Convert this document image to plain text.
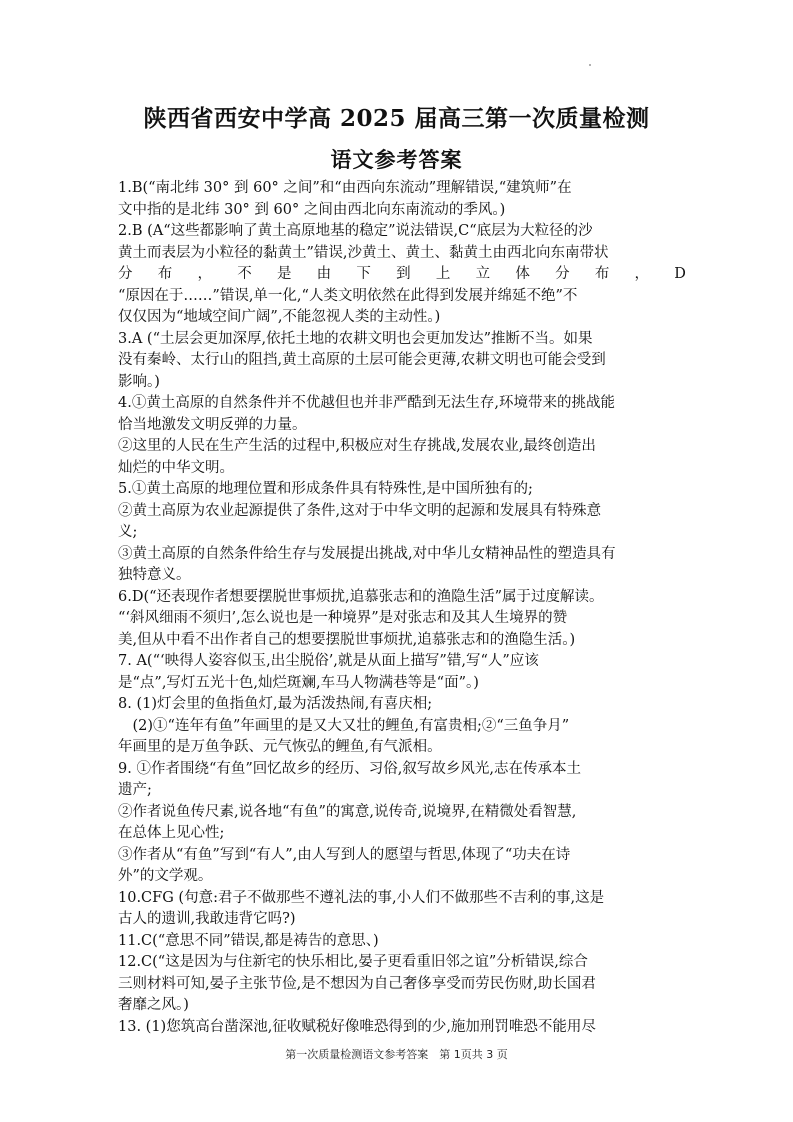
陕西省西安中学高 2025 届高三第一次质量检测
语文参考答案
1.B(“南北纬 30° 到 60° 之间”和“由西向东流动”理解错误,“建筑师”在
文中指的是北纬 30° 到 60° 之间由西北向东南流动的季风。)
2.B (A“这些都影响了黄土高原地基的稳定”说法错误,C“底层为大粒径的沙
黄土而表层为小粒径的黏黄土”错误,沙黄土、黄土、黏黄土由西北向东南带状
分 布 ， 不 是 由 下 到 上 立 体 分 布 ， D
“原因在于……”错误,单一化,“人类文明依然在此得到发展并绵延不绝”不
仅仅因为“地域空间广阔”,不能忽视人类的主动性。)
3.A (“土层会更加深厚,依托土地的农耕文明也会更加发达”推断不当。如果
没有秦岭、太行山的阻挡,黄土高原的土层可能会更薄,农耕文明也可能会受到
影响。)
4.①黄土高原的自然条件并不优越但也并非严酷到无法生存,环境带来的挑战能
恰当地激发文明反弹的力量。
②这里的人民在生产生活的过程中,积极应对生存挑战,发展农业,最终创造出
灿烂的中华文明。
5.①黄土高原的地理位置和形成条件具有特殊性,是中国所独有的;
②黄土高原为农业起源提供了条件,这对于中华文明的起源和发展具有特殊意
义;
③黄土高原的自然条件给生存与发展提出挑战,对中华儿女精神品性的塑造具有
独特意义。
6.D(“还表现作者想要摆脱世事烦扰,追慕张志和的渔隐生活”属于过度解读。
“‘斜风细雨不须归’,怎么说也是一种境界”是对张志和及其人生境界的赞
美,但从中看不出作者自己的想要摆脱世事烦扰,追慕张志和的渔隐生活。)
7. A(“‘映得人姿容似玉,出尘脱俗’,就是从面上描写”错,写“人”应该
是“点”,写灯五光十色,灿烂斑斓,车马人物满巷等是“面”。)
8. (1)灯会里的鱼指鱼灯,最为活泼热闹,有喜庆相;
　(2)①“连年有鱼”年画里的是又大又壮的鲤鱼,有富贵相;②“三鱼争月”
年画里的是万鱼争跃、元气恢弘的鲤鱼,有气派相。
9. ①作者围绕“有鱼”回忆故乡的经历、习俗,叙写故乡风光,志在传承本土
遗产;
②作者说鱼传尺素,说各地“有鱼”的寓意,说传奇,说境界,在精微处看智慧,
在总体上见心性;
③作者从“有鱼”写到“有人”,由人写到人的愿望与哲思,体现了“功夫在诗
外”的文学观。
10.CFG (句意:君子不做那些不遵礼法的事,小人们不做那些不吉利的事,这是
古人的遗训,我敢违背它吗?)
11.C(“意思不同”错误,都是祷告的意思、)
12.C(“这是因为与住新宅的快乐相比,晏子更看重旧邻之谊”分析错误,综合
三则材料可知,晏子主张节俭,是不想因为自己奢侈享受而劳民伤财,助长国君
奢靡之风。)
13. (1)您筑高台凿深池,征收赋税好像唯恐得到的少,施加刑罚唯恐不能用尽
第一次质量检测语文参考答案　第 1页共 3 页
